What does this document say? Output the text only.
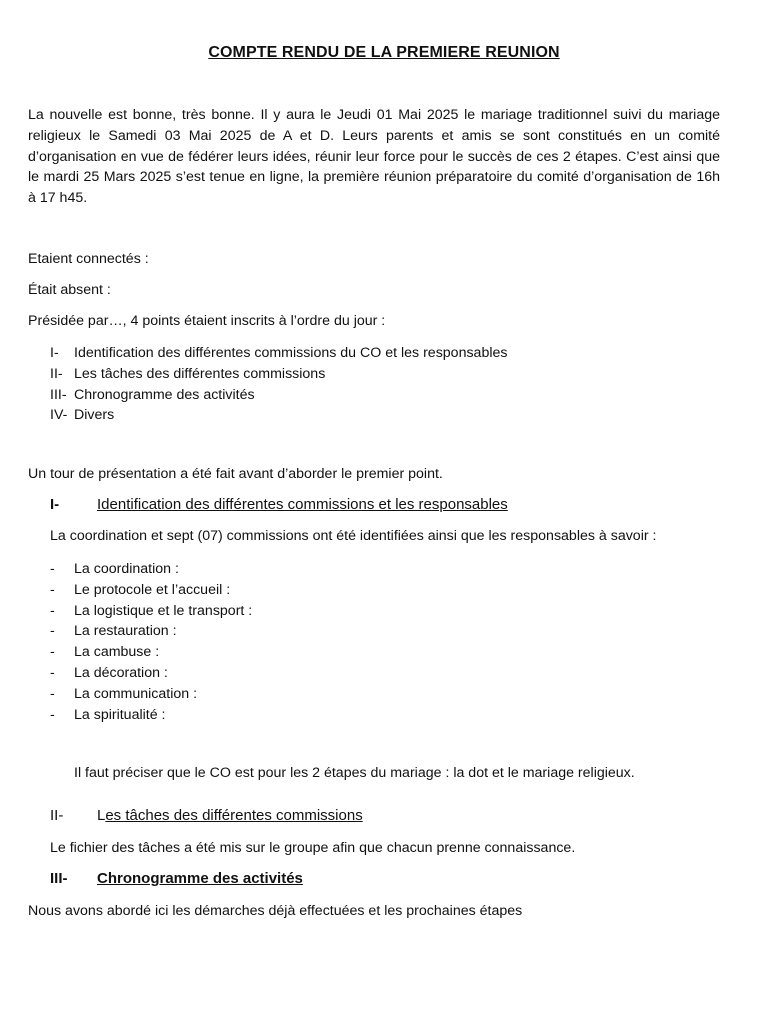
COMPTE RENDU DE LA PREMIERE REUNION

La nouvelle est bonne, très bonne. Il y aura le Jeudi 01 Mai 2025 le mariage traditionnel suivi du mariage religieux le Samedi 03 Mai 2025 de A et D. Leurs parents et amis se sont constitués en un comité d’organisation en vue de fédérer leurs idées, réunir leur force pour le succès de ces 2 étapes. C’est ainsi que le mardi 25 Mars 2025 s’est tenue en ligne, la première réunion préparatoire du comité d’organisation de 16h à 17 h45.

Etaient connectés :

Était absent :

Présidée par…, 4 points étaient inscrits à l’ordre du jour :

I- Identification des différentes commissions du CO et les responsables
II- Les tâches des différentes commissions
III- Chronogramme des activités
IV- Divers

Un tour de présentation a été fait avant d’aborder le premier point.

I-	Identification des différentes commissions et les responsables

La coordination et sept (07) commissions ont été identifiées ainsi que les responsables à savoir :

- La coordination :
- Le protocole et l’accueil :
- La logistique et le transport :
- La restauration :
- La cambuse :
- La décoration :
- La communication :
- La spiritualité :

Il faut préciser que le CO est pour les 2 étapes du mariage : la dot et le mariage religieux.

II- Les tâches des différentes commissions

Le fichier des tâches a été mis sur le groupe afin que chacun prenne connaissance.

III- Chronogramme des activités

Nous avons abordé ici les démarches déjà effectuées et les prochaines étapes
